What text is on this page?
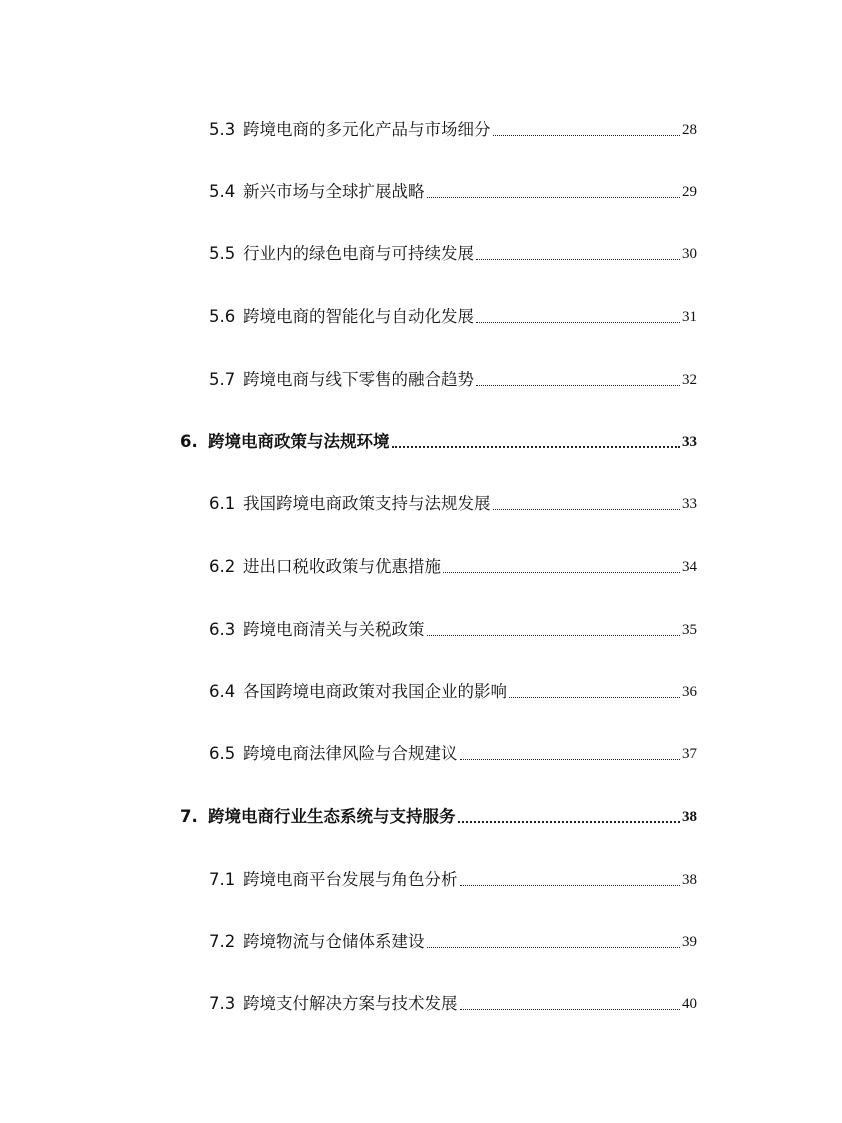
5.3 跨境电商的多元化产品与市场细分	28
5.4 新兴市场与全球扩展战略	29
5.5 行业内的绿色电商与可持续发展	30
5.6 跨境电商的智能化与自动化发展	31
5.7 跨境电商与线下零售的融合趋势	32
6. 跨境电商政策与法规环境	33
6.1 我国跨境电商政策支持与法规发展	33
6.2 进出口税收政策与优惠措施	34
6.3 跨境电商清关与关税政策	35
6.4 各国跨境电商政策对我国企业的影响	36
6.5 跨境电商法律风险与合规建议	37
7. 跨境电商行业生态系统与支持服务	38
7.1 跨境电商平台发展与角色分析	38
7.2 跨境物流与仓储体系建设	39
7.3 跨境支付解决方案与技术发展	40
